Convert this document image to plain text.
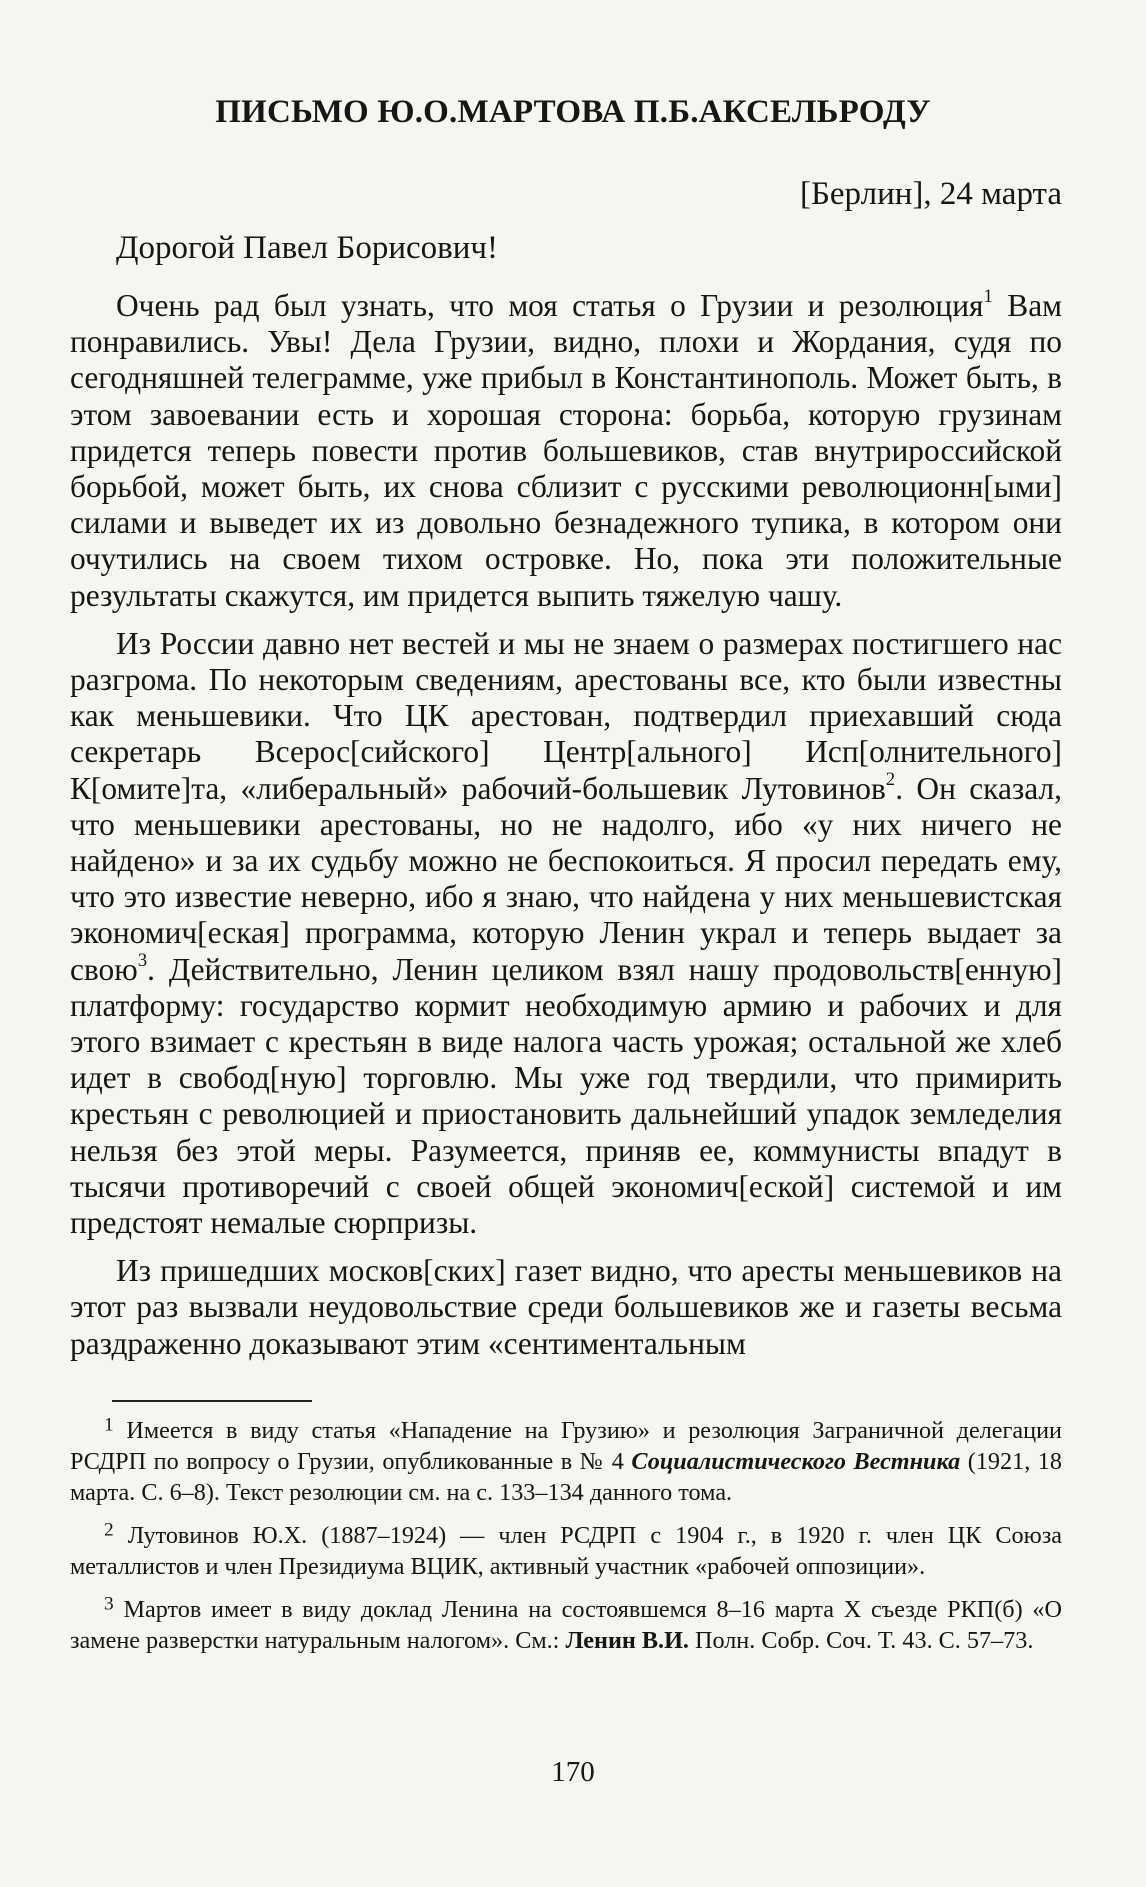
ПИСЬМО Ю.О.МАРТОВА П.Б.АКСЕЛЬРОДУ
[Берлин], 24 марта
Дорогой Павел Борисович!

Очень рад был узнать, что моя статья о Грузии и резолюция$^1$ Вам понравились. Увы! Дела Грузии, видно, плохи и Жордания, судя по сегодняшней телеграмме, уже прибыл в Константинополь. Может быть, в этом завоевании есть и хорошая сторона: борьба, которую грузинам придется теперь повести против большевиков, став внутрироссийской борьбой, может быть, их снова сблизит с русскими революционн[ыми] силами и выведет их из довольно безнадежного тупика, в котором они очутились на своем тихом островке. Но, пока эти положительные результаты скажутся, им придется выпить тяжелую чашу.

Из России давно нет вестей и мы не знаем о размерах постигшего нас разгрома. По некоторым сведениям, арестованы все, кто были известны как меньшевики. Что ЦК арестован, подтвердил приехавший сюда секретарь Всерос[сийского] Центр[ального] Исп[олнительного] К[омите]та, «либеральный» рабочий-большевик Лутовинов$^2$. Он сказал, что меньшевики арестованы, но не надолго, ибо «у них ничего не найдено» и за их судьбу можно не беспокоиться. Я просил передать ему, что это известие неверно, ибо я знаю, что найдена у них меньшевистская экономич[еская] программа, которую Ленин украл и теперь выдает за свою$^3$. Действительно, Ленин целиком взял нашу продовольств[енную] платформу: государство кормит необходимую армию и рабочих и для этого взимает с крестьян в виде налога часть урожая; остальной же хлеб идет в свобод[ную] торговлю. Мы уже год твердили, что примирить крестьян с революцией и приостановить дальнейший упадок земледелия нельзя без этой меры. Разумеется, приняв ее, коммунисты впадут в тысячи противоречий с своей общей экономич[еской] системой и им предстоят немалые сюрпризы.

Из пришедших москов[ских] газет видно, что аресты меньшевиков на этот раз вызвали неудовольствие среди большевиков же и газеты весьма раздраженно доказывают этим «сентиментальным

$^1$ Имеется в виду статья «Нападение на Грузию» и резолюция Заграничной делегации РСДРП по вопросу о Грузии, опубликованные в № 4 Социалистического Вестника (1921, 18 марта. С. 6–8). Текст резолюции см. на с. 133–134 данного тома.

$^2$ Лутовинов Ю.Х. (1887–1924) — член РСДРП с 1904 г., в 1920 г. член ЦК Союза металлистов и член Президиума ВЦИК, активный участник «рабочей оппозиции».

$^3$ Мартов имеет в виду доклад Ленина на состоявшемся 8–16 марта X съезде РКП(б) «О замене разверстки натуральным налогом». См.: Ленин В.И. Полн. Собр. Соч. Т. 43. С. 57–73.

170
